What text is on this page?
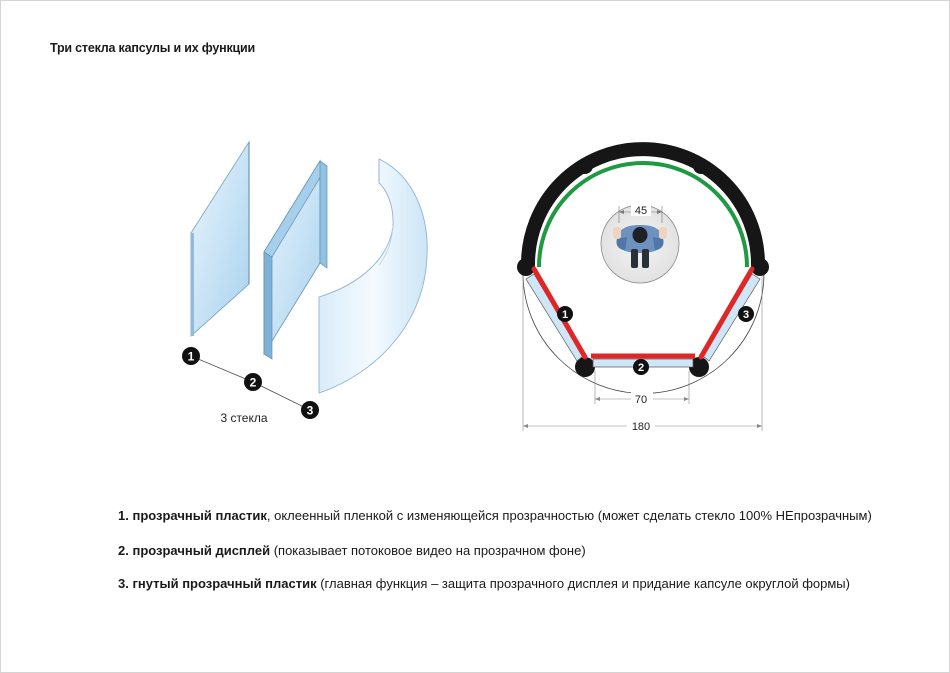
Три стекла капсулы и их функции
1
2
3
3 стекла
45
70
180
1
2
3
1. прозрачный пластик, оклеенный пленкой с изменяющейся прозрачностью (может сделать стекло 100% НЕпрозрачным)
2. прозрачный дисплей (показывает потоковое видео на прозрачном фоне)
3. гнутый прозрачный пластик (главная функция – защита прозрачного дисплея и придание капсуле округлой формы)
